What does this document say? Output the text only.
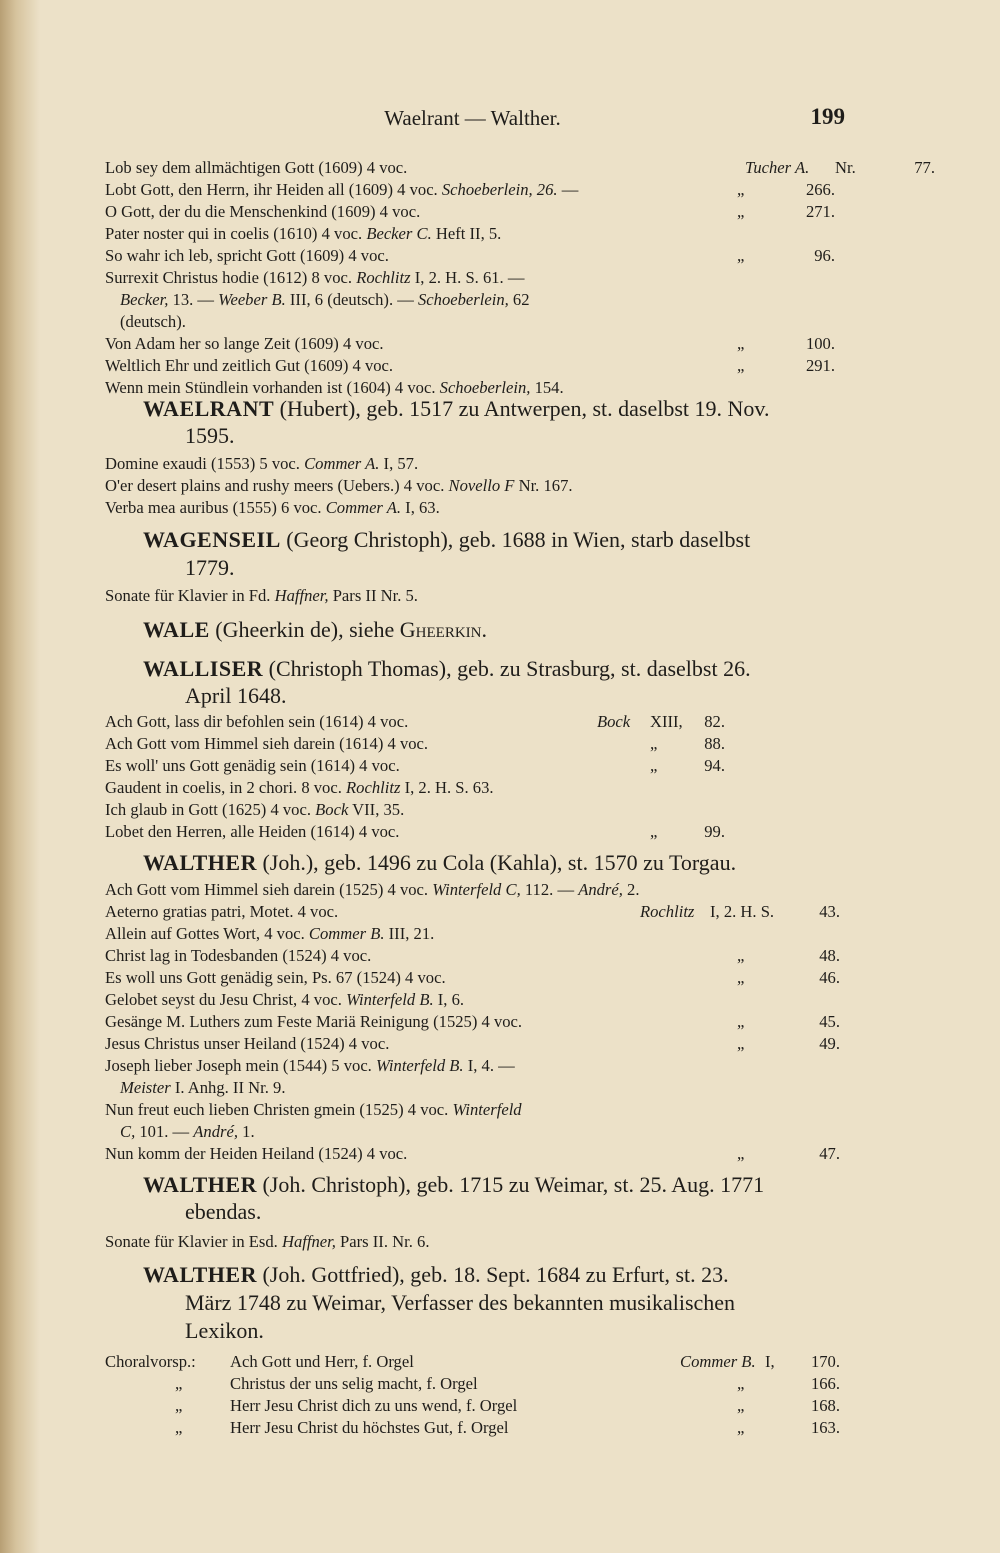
Waelrant — Walther.	199
Lob sey dem allmächtigen Gott (1609) 4 voc.	Tucher A. Nr.	77.
Lobt Gott, den Herrn, ihr Heiden all (1609) 4 voc. Schoeberlein, 26. —	„	266.
O Gott, der du die Menschenkind (1609) 4 voc.	„	271.
Pater noster qui in coelis (1610) 4 voc. Becker C. Heft II, 5.
So wahr ich leb, spricht Gott (1609) 4 voc.	„	96.
Surrexit Christus hodie (1612) 8 voc. Rochlitz I, 2. H. S. 61. —
Becker, 13. — Weeber B. III, 6 (deutsch). — Schoeberlein, 62
(deutsch).
Von Adam her so lange Zeit (1609) 4 voc.	„	100.
Weltlich Ehr und zeitlich Gut (1609) 4 voc.	„	291.
Wenn mein Stündlein vorhanden ist (1604) 4 voc. Schoeberlein, 154.
WAELRANT (Hubert), geb. 1517 zu Antwerpen, st. daselbst 19. Nov.
1595.
Domine exaudi (1553) 5 voc. Commer A. I, 57.
O'er desert plains and rushy meers (Uebers.) 4 voc. Novello F Nr. 167.
Verba mea auribus (1555) 6 voc. Commer A. I, 63.
WAGENSEIL (Georg Christoph), geb. 1688 in Wien, starb daselbst
1779.
Sonate für Klavier in Fd. Haffner, Pars II Nr. 5.
WALE (Gheerkin de), siehe Gheerkin.
WALLISER (Christoph Thomas), geb. zu Strasburg, st. daselbst 26.
April 1648.
Ach Gott, lass dir befohlen sein (1614) 4 voc.	Bock XIII,	82.
Ach Gott vom Himmel sieh darein (1614) 4 voc.	„	88.
Es woll' uns Gott genädig sein (1614) 4 voc.	„	94.
Gaudent in coelis, in 2 chori. 8 voc. Rochlitz I, 2. H. S. 63.
Ich glaub in Gott (1625) 4 voc. Bock VII, 35.
Lobet den Herren, alle Heiden (1614) 4 voc.	„	99.
WALTHER (Joh.), geb. 1496 zu Cola (Kahla), st. 1570 zu Torgau.
Ach Gott vom Himmel sieh darein (1525) 4 voc. Winterfeld C, 112. — André, 2.
Aeterno gratias patri, Motet. 4 voc.	Rochlitz I, 2. H. S.	43.
Allein auf Gottes Wort, 4 voc. Commer B. III, 21.
Christ lag in Todesbanden (1524) 4 voc.	„	48.
Es woll uns Gott genädig sein, Ps. 67 (1524) 4 voc.	„	46.
Gelobet seyst du Jesu Christ, 4 voc. Winterfeld B. I, 6.
Gesänge M. Luthers zum Feste Mariä Reinigung (1525) 4 voc.	„	45.
Jesus Christus unser Heiland (1524) 4 voc.	„	49.
Joseph lieber Joseph mein (1544) 5 voc. Winterfeld B. I, 4. —
Meister I. Anhg. II Nr. 9.
Nun freut euch lieben Christen gmein (1525) 4 voc. Winterfeld
C, 101. — André, 1.
Nun komm der Heiden Heiland (1524) 4 voc.	„	47.
WALTHER (Joh. Christoph), geb. 1715 zu Weimar, st. 25. Aug. 1771
ebendas.
Sonate für Klavier in Esd. Haffner, Pars II. Nr. 6.
WALTHER (Joh. Gottfried), geb. 18. Sept. 1684 zu Erfurt, st. 23.
März 1748 zu Weimar, Verfasser des bekannten musikalischen
Lexikon.
Choralvorsp.: Ach Gott und Herr, f. Orgel	Commer B. I,	170.
„	Christus der uns selig macht, f. Orgel	„	166.
„	Herr Jesu Christ dich zu uns wend, f. Orgel	„	168.
„	Herr Jesu Christ du höchstes Gut, f. Orgel	„	163.
